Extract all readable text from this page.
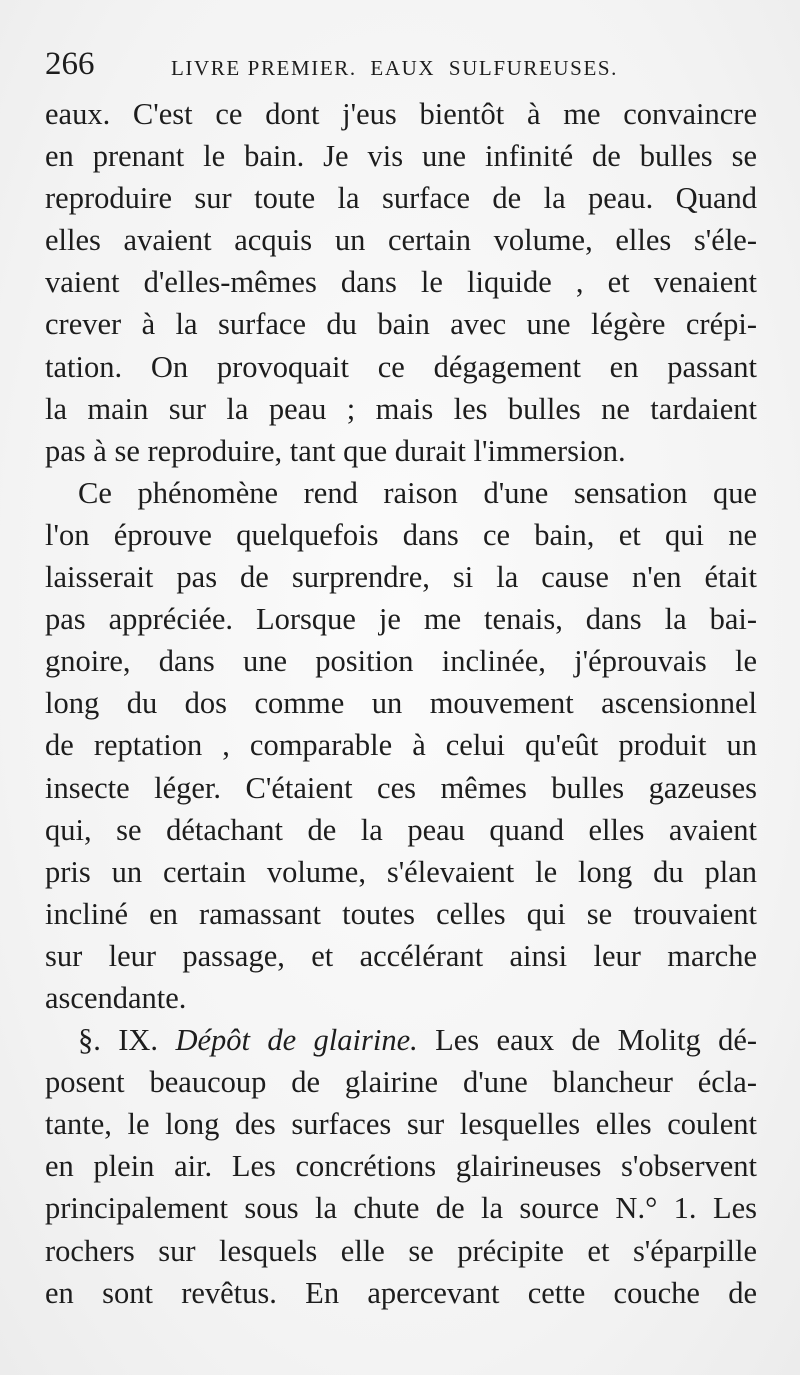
266	LIVRE PREMIER.  EAUX  SULFUREUSES.
eaux. C'est ce dont j'eus bientôt à me convaincre
en prenant le bain. Je vis une infinité de bulles se
reproduire sur toute la surface de la peau. Quand
elles avaient acquis un certain volume, elles s'éle-
vaient d'elles-mêmes dans le liquide , et venaient
crever à la surface du bain avec une légère crépi-
tation. On provoquait ce dégagement en passant
la main sur la peau ; mais les bulles ne tardaient
pas à se reproduire, tant que durait l'immersion.
Ce phénomène rend raison d'une sensation que
l'on éprouve quelquefois dans ce bain, et qui ne
laisserait pas de surprendre, si la cause n'en était
pas appréciée. Lorsque je me tenais, dans la bai-
gnoire, dans une position inclinée, j'éprouvais le
long du dos comme un mouvement ascensionnel
de reptation , comparable à celui qu'eût produit un
insecte léger. C'étaient ces mêmes bulles gazeuses
qui, se détachant de la peau quand elles avaient
pris un certain volume, s'élevaient le long du plan
incliné en ramassant toutes celles qui se trouvaient
sur leur passage, et accélérant ainsi leur marche
ascendante.
§. IX. Dépôt de glairine. Les eaux de Molitg dé-
posent beaucoup de glairine d'une blancheur écla-
tante, le long des surfaces sur lesquelles elles coulent
en plein air. Les concrétions glairineuses s'observent
principalement sous la chute de la source N.° 1. Les
rochers sur lesquels elle se précipite et s'éparpille
en sont revêtus. En apercevant cette couche de
